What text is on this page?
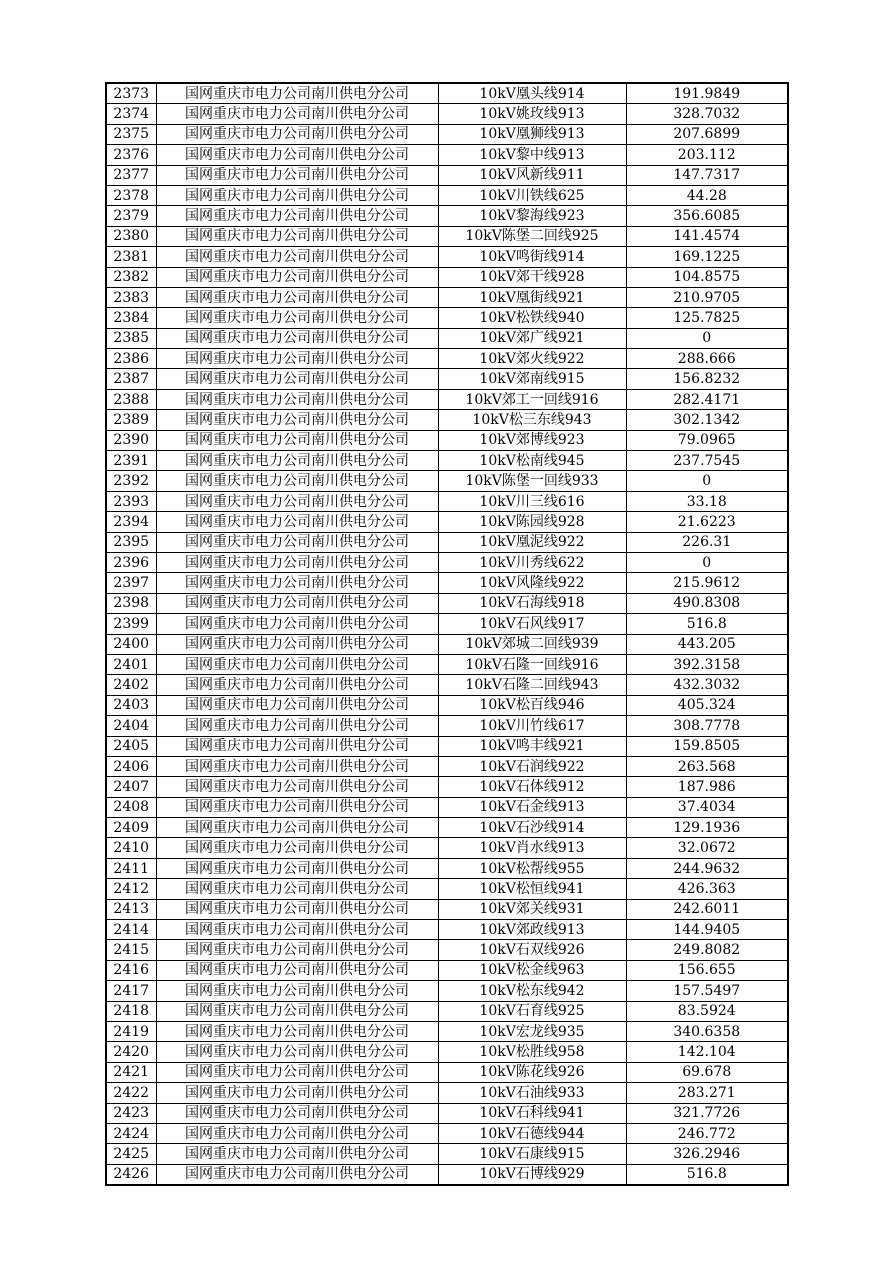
2373	国网重庆市电力公司南川供电分公司	10kV凰头线914	191.9849
2374	国网重庆市电力公司南川供电分公司	10kV姚玫线913	328.7032
2375	国网重庆市电力公司南川供电分公司	10kV凰狮线913	207.6899
2376	国网重庆市电力公司南川供电分公司	10kV黎中线913	203.112
2377	国网重庆市电力公司南川供电分公司	10kV风新线911	147.7317
2378	国网重庆市电力公司南川供电分公司	10kV川铁线625	44.28
2379	国网重庆市电力公司南川供电分公司	10kV黎海线923	356.6085
2380	国网重庆市电力公司南川供电分公司	10kV陈堡二回线925	141.4574
2381	国网重庆市电力公司南川供电分公司	10kV鸣街线914	169.1225
2382	国网重庆市电力公司南川供电分公司	10kV郊干线928	104.8575
2383	国网重庆市电力公司南川供电分公司	10kV凰街线921	210.9705
2384	国网重庆市电力公司南川供电分公司	10kV松铁线940	125.7825
2385	国网重庆市电力公司南川供电分公司	10kV郊广线921	0
2386	国网重庆市电力公司南川供电分公司	10kV郊火线922	288.666
2387	国网重庆市电力公司南川供电分公司	10kV郊南线915	156.8232
2388	国网重庆市电力公司南川供电分公司	10kV郊工一回线916	282.4171
2389	国网重庆市电力公司南川供电分公司	10kV松三东线943	302.1342
2390	国网重庆市电力公司南川供电分公司	10kV郊博线923	79.0965
2391	国网重庆市电力公司南川供电分公司	10kV松南线945	237.7545
2392	国网重庆市电力公司南川供电分公司	10kV陈堡一回线933	0
2393	国网重庆市电力公司南川供电分公司	10kV川三线616	33.18
2394	国网重庆市电力公司南川供电分公司	10kV陈园线928	21.6223
2395	国网重庆市电力公司南川供电分公司	10kV凰泥线922	226.31
2396	国网重庆市电力公司南川供电分公司	10kV川秀线622	0
2397	国网重庆市电力公司南川供电分公司	10kV风隆线922	215.9612
2398	国网重庆市电力公司南川供电分公司	10kV石海线918	490.8308
2399	国网重庆市电力公司南川供电分公司	10kV石风线917	516.8
2400	国网重庆市电力公司南川供电分公司	10kV郊城二回线939	443.205
2401	国网重庆市电力公司南川供电分公司	10kV石隆一回线916	392.3158
2402	国网重庆市电力公司南川供电分公司	10kV石隆二回线943	432.3032
2403	国网重庆市电力公司南川供电分公司	10kV松百线946	405.324
2404	国网重庆市电力公司南川供电分公司	10kV川竹线617	308.7778
2405	国网重庆市电力公司南川供电分公司	10kV鸣丰线921	159.8505
2406	国网重庆市电力公司南川供电分公司	10kV石润线922	263.568
2407	国网重庆市电力公司南川供电分公司	10kV石体线912	187.986
2408	国网重庆市电力公司南川供电分公司	10kV石金线913	37.4034
2409	国网重庆市电力公司南川供电分公司	10kV石沙线914	129.1936
2410	国网重庆市电力公司南川供电分公司	10kV肖水线913	32.0672
2411	国网重庆市电力公司南川供电分公司	10kV松帮线955	244.9632
2412	国网重庆市电力公司南川供电分公司	10kV松恒线941	426.363
2413	国网重庆市电力公司南川供电分公司	10kV郊关线931	242.6011
2414	国网重庆市电力公司南川供电分公司	10kV郊政线913	144.9405
2415	国网重庆市电力公司南川供电分公司	10kV石双线926	249.8082
2416	国网重庆市电力公司南川供电分公司	10kV松金线963	156.655
2417	国网重庆市电力公司南川供电分公司	10kV松东线942	157.5497
2418	国网重庆市电力公司南川供电分公司	10kV石育线925	83.5924
2419	国网重庆市电力公司南川供电分公司	10kV宏龙线935	340.6358
2420	国网重庆市电力公司南川供电分公司	10kV松胜线958	142.104
2421	国网重庆市电力公司南川供电分公司	10kV陈花线926	69.678
2422	国网重庆市电力公司南川供电分公司	10kV石油线933	283.271
2423	国网重庆市电力公司南川供电分公司	10kV石科线941	321.7726
2424	国网重庆市电力公司南川供电分公司	10kV石德线944	246.772
2425	国网重庆市电力公司南川供电分公司	10kV石康线915	326.2946
2426	国网重庆市电力公司南川供电分公司	10kV石博线929	516.8
